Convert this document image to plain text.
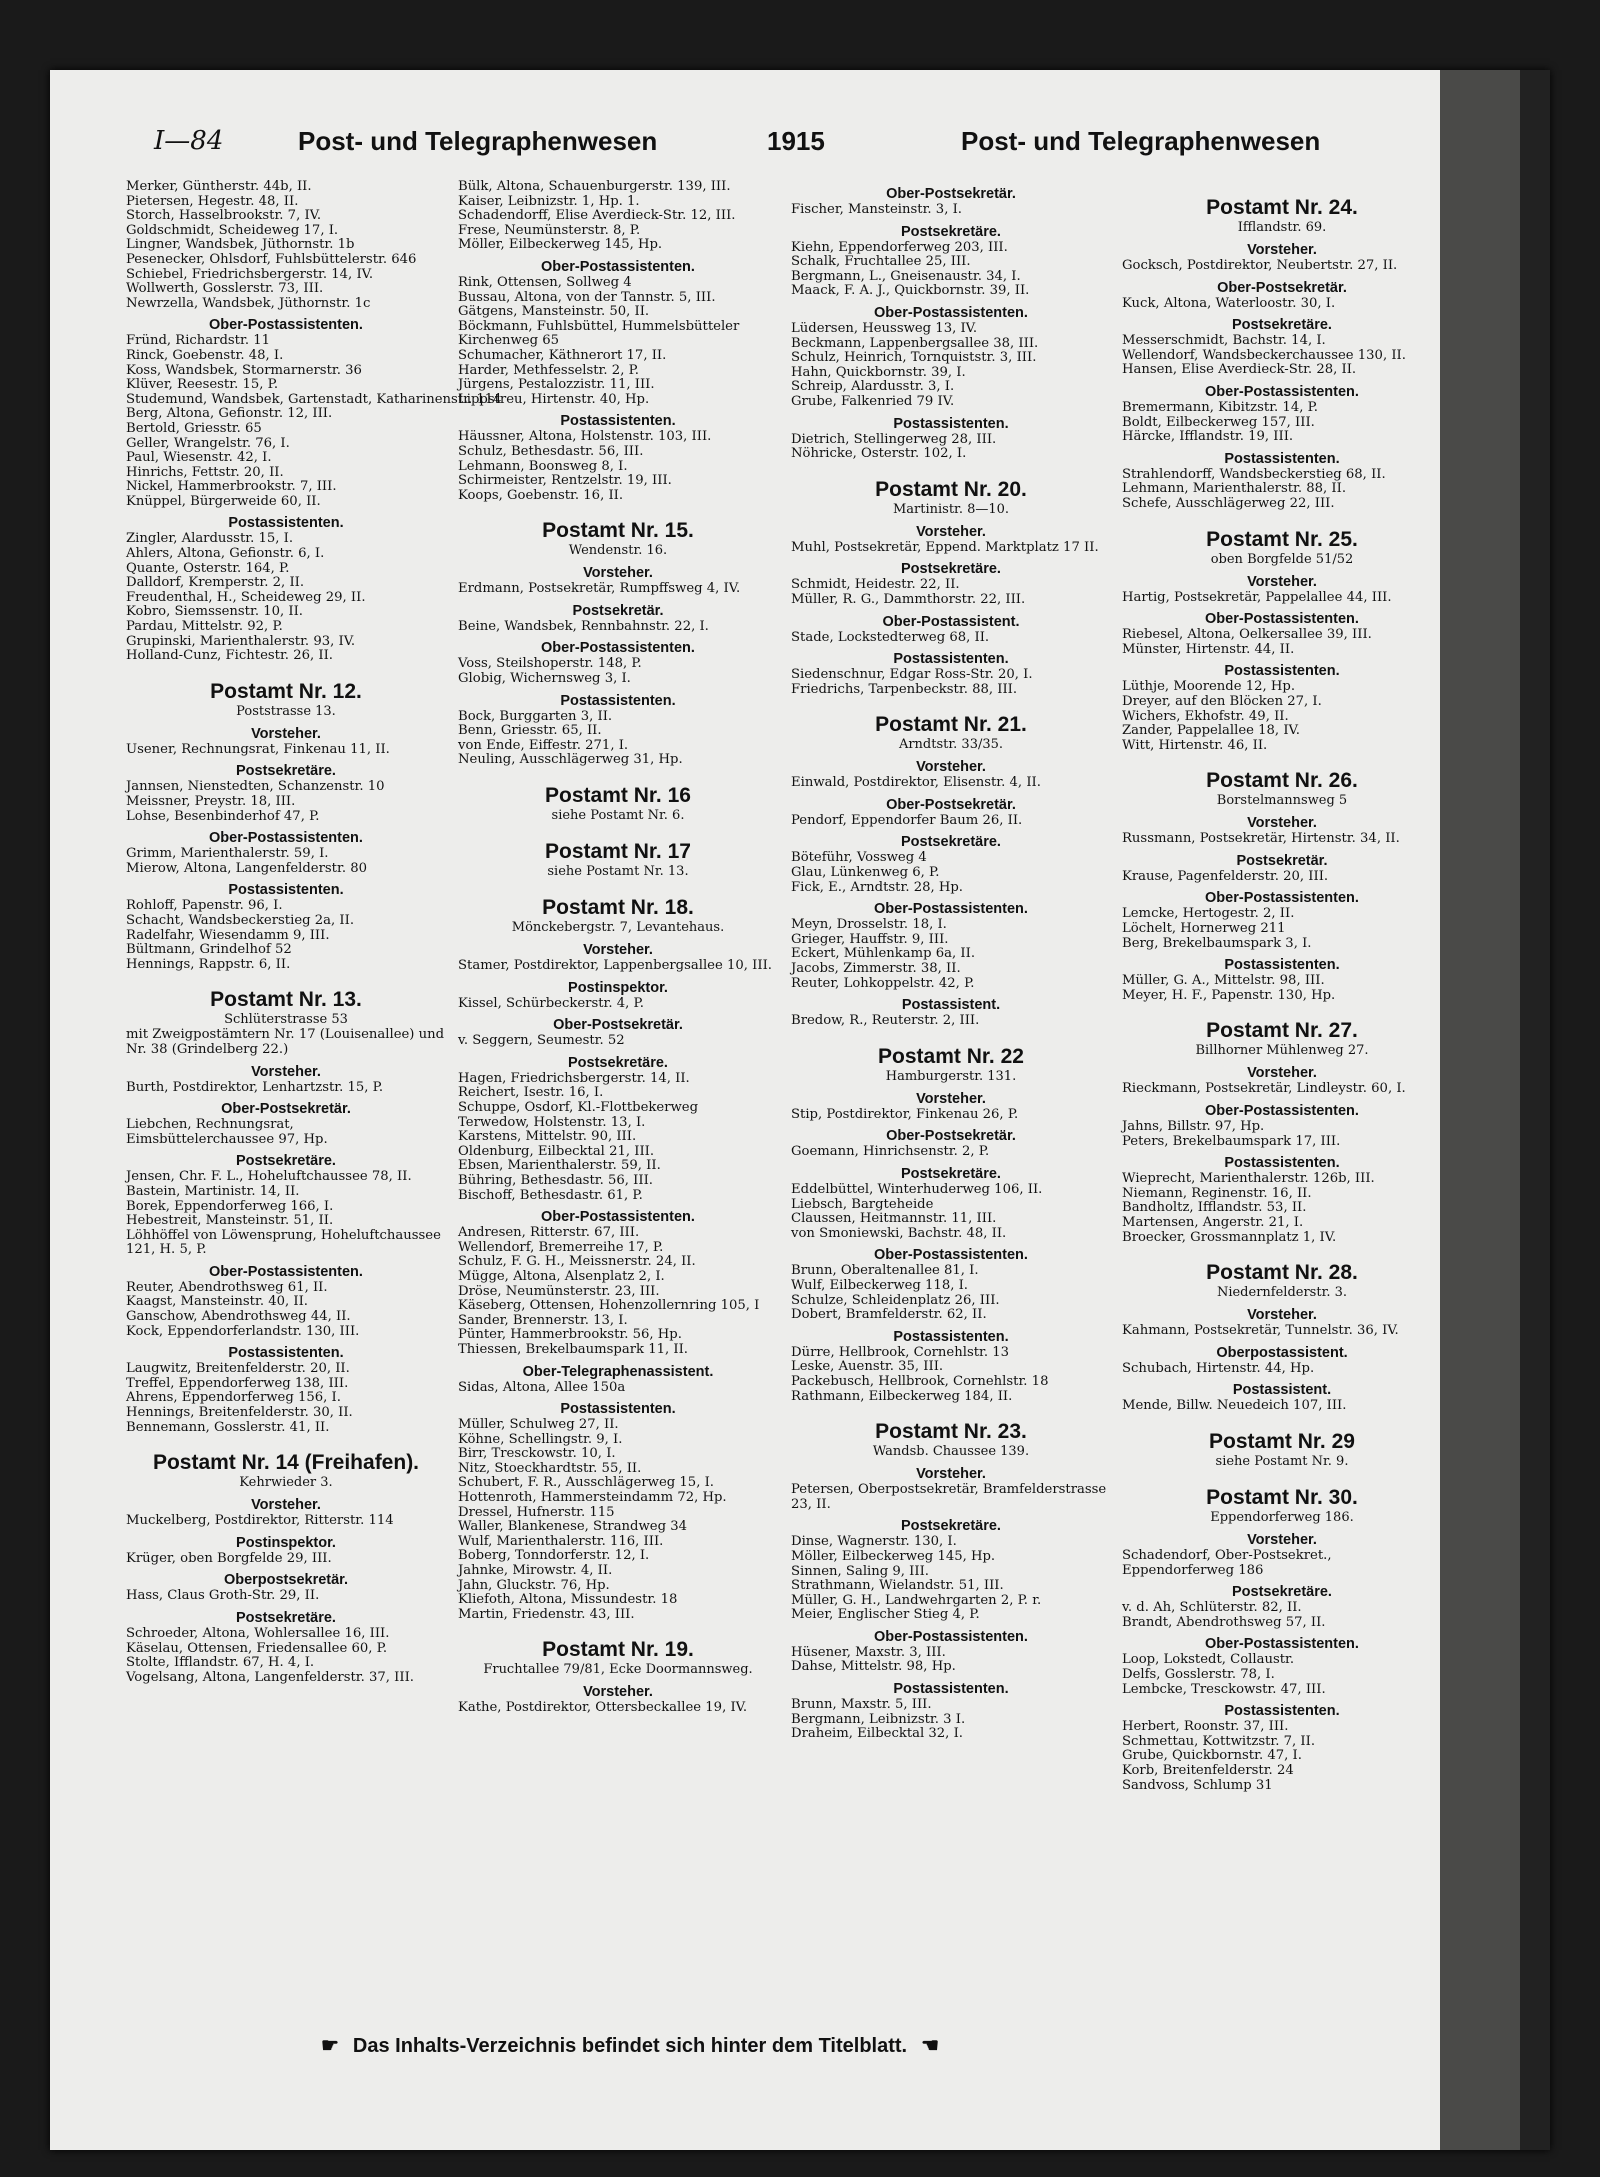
I—84	Post- und Telegraphenwesen	1915	Post- und Telegraphenwesen
Merker, Güntherstr. 44b, II.
Pietersen, Hegestr. 48, II.
Storch, Hasselbrookstr. 7, IV.
Goldschmidt, Scheideweg 17, I.
Lingner, Wandsbek, Jüthornstr. 1b
Pesenecker, Ohlsdorf, Fuhlsbüttelerstr. 646
Schiebel, Friedrichsbergerstr. 14, IV.
Wollwerth, Gosslerstr. 73, III.
Newrzella, Wandsbek, Jüthornstr. 1c
Ober-Postassistenten.
Fründ, Richardstr. 11
Rinck, Goebenstr. 48, I.
Koss, Wandsbek, Stormarnerstr. 36
Klüver, Reesestr. 15, P.
Studemund, Wandsbek, Gartenstadt, Katharinenstr. 114
Berg, Altona, Gefionstr. 12, III.
Bertold, Griesstr. 65
Geller, Wrangelstr. 76, I.
Paul, Wiesenstr. 42, I.
Hinrichs, Fettstr. 20, II.
Nickel, Hammerbrookstr. 7, III.
Knüppel, Bürgerweide 60, II.
Postassistenten.
Zingler, Alardusstr. 15, I.
Ahlers, Altona, Gefionstr. 6, I.
Quante, Osterstr. 164, P.
Dalldorf, Kremperstr. 2, II.
Freudenthal, H., Scheideweg 29, II.
Kobro, Siemssenstr. 10, II.
Pardau, Mittelstr. 92, P.
Grupinski, Marienthalerstr. 93, IV.
Holland-Cunz, Fichtestr. 26, II.
Postamt Nr. 12.
Poststrasse 13.
Vorsteher.
Usener, Rechnungsrat, Finkenau 11, II.
Postsekretäre.
Jannsen, Nienstedten, Schanzenstr. 10
Meissner, Preystr. 18, III.
Lohse, Besenbinderhof 47, P.
Ober-Postassistenten.
Grimm, Marienthalerstr. 59, I.
Mierow, Altona, Langenfelderstr. 80
Postassistenten.
Rohloff, Papenstr. 96, I.
Schacht, Wandsbeckerstieg 2a, II.
Radelfahr, Wiesendamm 9, III.
Bültmann, Grindelhof 52
Hennings, Rappstr. 6, II.
Postamt Nr. 13.
Schlüterstrasse 53
mit Zweigpostämtern Nr. 17 (Louisenallee) und Nr. 38 (Grindelberg 22.)
Vorsteher.
Burth, Postdirektor, Lenhartzstr. 15, P.
Ober-Postsekretär.
Liebchen, Rechnungsrat, Eimsbüttelerchaussee 97, Hp.
Postsekretäre.
Jensen, Chr. F. L., Hoheluftchaussee 78, II.
Bastein, Martinistr. 14, II.
Borek, Eppendorferweg 166, I.
Hebestreit, Mansteinstr. 51, II.
Löhhöffel von Löwensprung, Hoheluftchaussee 121, H. 5, P.
Ober-Postassistenten.
Reuter, Abendrothsweg 61, II.
Kaagst, Mansteinstr. 40, II.
Ganschow, Abendrothsweg 44, II.
Kock, Eppendorferlandstr. 130, III.
Postassistenten.
Laugwitz, Breitenfelderstr. 20, II.
Treffel, Eppendorferweg 138, III.
Ahrens, Eppendorferweg 156, I.
Hennings, Breitenfelderstr. 30, II.
Bennemann, Gosslerstr. 41, II.
Postamt Nr. 14 (Freihafen).
Kehrwieder 3.
Vorsteher.
Muckelberg, Postdirektor, Ritterstr. 114
Postinspektor.
Krüger, oben Borgfelde 29, III.
Oberpostsekretär.
Hass, Claus Groth-Str. 29, II.
Postsekretäre.
Schroeder, Altona, Wohlersallee 16, III.
Käselau, Ottensen, Friedensallee 60, P.
Stolte, Ifflandstr. 67, H. 4, I.
Vogelsang, Altona, Langenfelderstr. 37, III.
Bülk, Altona, Schauenburgerstr. 139, III.
Kaiser, Leibnizstr. 1, Hp. 1.
Schadendorff, Elise Averdieck-Str. 12, III.
Frese, Neumünsterstr. 8, P.
Möller, Eilbeckerweg 145, Hp.
Ober-Postassistenten.
Rink, Ottensen, Sollweg 4
Bussau, Altona, von der Tannstr. 5, III.
Gätgens, Mansteinstr. 50, II.
Böckmann, Fuhlsbüttel, Hummelsbütteler Kirchenweg 65
Schumacher, Käthnerort 17, II.
Harder, Methfesselstr. 2, P.
Jürgens, Pestalozzistr. 11, III.
Lippstreu, Hirtenstr. 40, Hp.
Postassistenten.
Häussner, Altona, Holstenstr. 103, III.
Schulz, Bethesdastr. 56, III.
Lehmann, Boonsweg 8, I.
Schirmeister, Rentzelstr. 19, III.
Koops, Goebenstr. 16, II.
Postamt Nr. 15.
Wendenstr. 16.
Vorsteher.
Erdmann, Postsekretär, Rumpffsweg 4, IV.
Postsekretär.
Beine, Wandsbek, Rennbahnstr. 22, I.
Ober-Postassistenten.
Voss, Steilshoperstr. 148, P.
Globig, Wichernsweg 3, I.
Postassistenten.
Bock, Burggarten 3, II.
Benn, Griesstr. 65, II.
von Ende, Eiffestr. 271, I.
Neuling, Ausschlägerweg 31, Hp.
Postamt Nr. 16
siehe Postamt Nr. 6.
Postamt Nr. 17
siehe Postamt Nr. 13.
Postamt Nr. 18.
Mönckebergstr. 7, Levantehaus.
Vorsteher.
Stamer, Postdirektor, Lappenbergsallee 10, III.
Postinspektor.
Kissel, Schürbeckerstr. 4, P.
Ober-Postsekretär.
v. Seggern, Seumestr. 52
Postsekretäre.
Hagen, Friedrichsbergerstr. 14, II.
Reichert, Isestr. 16, I.
Schuppe, Osdorf, Kl.-Flottbekerweg
Terwedow, Holstenstr. 13, I.
Karstens, Mittelstr. 90, III.
Oldenburg, Eilbecktal 21, III.
Ebsen, Marienthalerstr. 59, II.
Bühring, Bethesdastr. 56, III.
Bischoff, Bethesdastr. 61, P.
Ober-Postassistenten.
Andresen, Ritterstr. 67, III.
Wellendorf, Bremerreihe 17, P.
Schulz, F. G. H., Meissnerstr. 24, II.
Mügge, Altona, Alsenplatz 2, I.
Dröse, Neumünsterstr. 23, III.
Käseberg, Ottensen, Hohenzollernring 105, I
Sander, Brennerstr. 13, I.
Pünter, Hammerbrookstr. 56, Hp.
Thiessen, Brekelbaumspark 11, II.
Ober-Telegraphenassistent.
Sidas, Altona, Allee 150a
Postassistenten.
Müller, Schulweg 27, II.
Köhne, Schellingstr. 9, I.
Birr, Tresckowstr. 10, I.
Nitz, Stoeckhardtstr. 55, II.
Schubert, F. R., Ausschlägerweg 15, I.
Hottenroth, Hammersteindamm 72, Hp.
Dressel, Hufnerstr. 115
Waller, Blankenese, Strandweg 34
Wulf, Marienthalerstr. 116, III.
Boberg, Tonndorferstr. 12, I.
Jahnke, Mirowstr. 4, II.
Jahn, Gluckstr. 76, Hp.
Kliefoth, Altona, Missundestr. 18
Martin, Friedenstr. 43, III.
Postamt Nr. 19.
Fruchtallee 79/81, Ecke Doormannsweg.
Vorsteher.
Kathe, Postdirektor, Ottersbeckallee 19, IV.
Ober-Postsekretär.
Fischer, Mansteinstr. 3, I.
Postsekretäre.
Kiehn, Eppendorferweg 203, III.
Schalk, Fruchtallee 25, III.
Bergmann, L., Gneisenaustr. 34, I.
Maack, F. A. J., Quickbornstr. 39, II.
Ober-Postassistenten.
Lüdersen, Heussweg 13, IV.
Beckmann, Lappenbergsallee 38, III.
Schulz, Heinrich, Tornquiststr. 3, III.
Hahn, Quickbornstr. 39, I.
Schreip, Alardusstr. 3, I.
Grube, Falkenried 79 IV.
Postassistenten.
Dietrich, Stellingerweg 28, III.
Nöhricke, Osterstr. 102, I.
Postamt Nr. 20.
Martinistr. 8—10.
Vorsteher.
Muhl, Postsekretär, Eppend. Marktplatz 17 II.
Postsekretäre.
Schmidt, Heidestr. 22, II.
Müller, R. G., Dammthorstr. 22, III.
Ober-Postassistent.
Stade, Lockstedterweg 68, II.
Postassistenten.
Siedenschnur, Edgar Ross-Str. 20, I.
Friedrichs, Tarpenbeckstr. 88, III.
Postamt Nr. 21.
Arndtstr. 33/35.
Vorsteher.
Einwald, Postdirektor, Elisenstr. 4, II.
Ober-Postsekretär.
Pendorf, Eppendorfer Baum 26, II.
Postsekretäre.
Böteführ, Vossweg 4
Glau, Lünkenweg 6, P.
Fick, E., Arndtstr. 28, Hp.
Ober-Postassistenten.
Meyn, Drosselstr. 18, I.
Grieger, Hauffstr. 9, III.
Eckert, Mühlenkamp 6a, II.
Jacobs, Zimmerstr. 38, II.
Reuter, Lohkoppelstr. 42, P.
Postassistent.
Bredow, R., Reuterstr. 2, III.
Postamt Nr. 22
Hamburgerstr. 131.
Vorsteher.
Stip, Postdirektor, Finkenau 26, P.
Ober-Postsekretär.
Goemann, Hinrichsenstr. 2, P.
Postsekretäre.
Eddelbüttel, Winterhuderweg 106, II.
Liebsch, Bargteheide
Claussen, Heitmannstr. 11, III.
von Smoniewski, Bachstr. 48, II.
Ober-Postassistenten.
Brunn, Oberaltenallee 81, I.
Wulf, Eilbeckerweg 118, I.
Schulze, Schleidenplatz 26, III.
Dobert, Bramfelderstr. 62, II.
Postassistenten.
Dürre, Hellbrook, Cornehlstr. 13
Leske, Auenstr. 35, III.
Packebusch, Hellbrook, Cornehlstr. 18
Rathmann, Eilbeckerweg 184, II.
Postamt Nr. 23.
Wandsb. Chaussee 139.
Vorsteher.
Petersen, Oberpostsekretär, Bramfelderstrasse 23, II.
Postsekretäre.
Dinse, Wagnerstr. 130, I.
Möller, Eilbeckerweg 145, Hp.
Sinnen, Saling 9, III.
Strathmann, Wielandstr. 51, III.
Müller, G. H., Landwehrgarten 2, P. r.
Meier, Englischer Stieg 4, P.
Ober-Postassistenten.
Hüsener, Maxstr. 3, III.
Dahse, Mittelstr. 98, Hp.
Postassistenten.
Brunn, Maxstr. 5, III.
Bergmann, Leibnizstr. 3 I.
Draheim, Eilbecktal 32, I.
Postamt Nr. 24.
Ifflandstr. 69.
Vorsteher.
Gocksch, Postdirektor, Neubertstr. 27, II.
Ober-Postsekretär.
Kuck, Altona, Waterloostr. 30, I.
Postsekretäre.
Messerschmidt, Bachstr. 14, I.
Wellendorf, Wandsbeckerchaussee 130, II.
Hansen, Elise Averdieck-Str. 28, II.
Ober-Postassistenten.
Bremermann, Kibitzstr. 14, P.
Boldt, Eilbeckerweg 157, III.
Härcke, Ifflandstr. 19, III.
Postassistenten.
Strahlendorff, Wandsbeckerstieg 68, II.
Lehmann, Marienthalerstr. 88, II.
Schefe, Ausschlägerweg 22, III.
Postamt Nr. 25.
oben Borgfelde 51/52
Vorsteher.
Hartig, Postsekretär, Pappelallee 44, III.
Ober-Postassistenten.
Riebesel, Altona, Oelkersallee 39, III.
Münster, Hirtenstr. 44, II.
Postassistenten.
Lüthje, Moorende 12, Hp.
Dreyer, auf den Blöcken 27, I.
Wichers, Ekhofstr. 49, II.
Zander, Pappelallee 18, IV.
Witt, Hirtenstr. 46, II.
Postamt Nr. 26.
Borstelmannsweg 5
Vorsteher.
Russmann, Postsekretär, Hirtenstr. 34, II.
Postsekretär.
Krause, Pagenfelderstr. 20, III.
Ober-Postassistenten.
Lemcke, Hertogestr. 2, II.
Löchelt, Hornerweg 211
Berg, Brekelbaumspark 3, I.
Postassistenten.
Müller, G. A., Mittelstr. 98, III.
Meyer, H. F., Papenstr. 130, Hp.
Postamt Nr. 27.
Billhorner Mühlenweg 27.
Vorsteher.
Rieckmann, Postsekretär, Lindleystr. 60, I.
Ober-Postassistenten.
Jahns, Billstr. 97, Hp.
Peters, Brekelbaumspark 17, III.
Postassistenten.
Wieprecht, Marienthalerstr. 126b, III.
Niemann, Reginenstr. 16, II.
Bandholtz, Ifflandstr. 53, II.
Martensen, Angerstr. 21, I.
Broecker, Grossmannplatz 1, IV.
Postamt Nr. 28.
Niedernfelderstr. 3.
Vorsteher.
Kahmann, Postsekretär, Tunnelstr. 36, IV.
Oberpostassistent.
Schubach, Hirtenstr. 44, Hp.
Postassistent.
Mende, Billw. Neuedeich 107, III.
Postamt Nr. 29
siehe Postamt Nr. 9.
Postamt Nr. 30.
Eppendorferweg 186.
Vorsteher.
Schadendorf, Ober-Postsekret., Eppendorferweg 186
Postsekretäre.
v. d. Ah, Schlüterstr. 82, II.
Brandt, Abendrothsweg 57, II.
Ober-Postassistenten.
Loop, Lokstedt, Collaustr.
Delfs, Gosslerstr. 78, I.
Lembcke, Tresckowstr. 47, III.
Postassistenten.
Herbert, Roonstr. 37, III.
Schmettau, Kottwitzstr. 7, II.
Grube, Quickbornstr. 47, I.
Korb, Breitenfelderstr. 24
Sandvoss, Schlump 31
☛ Das Inhalts-Verzeichnis befindet sich hinter dem Titelblatt. ☚
